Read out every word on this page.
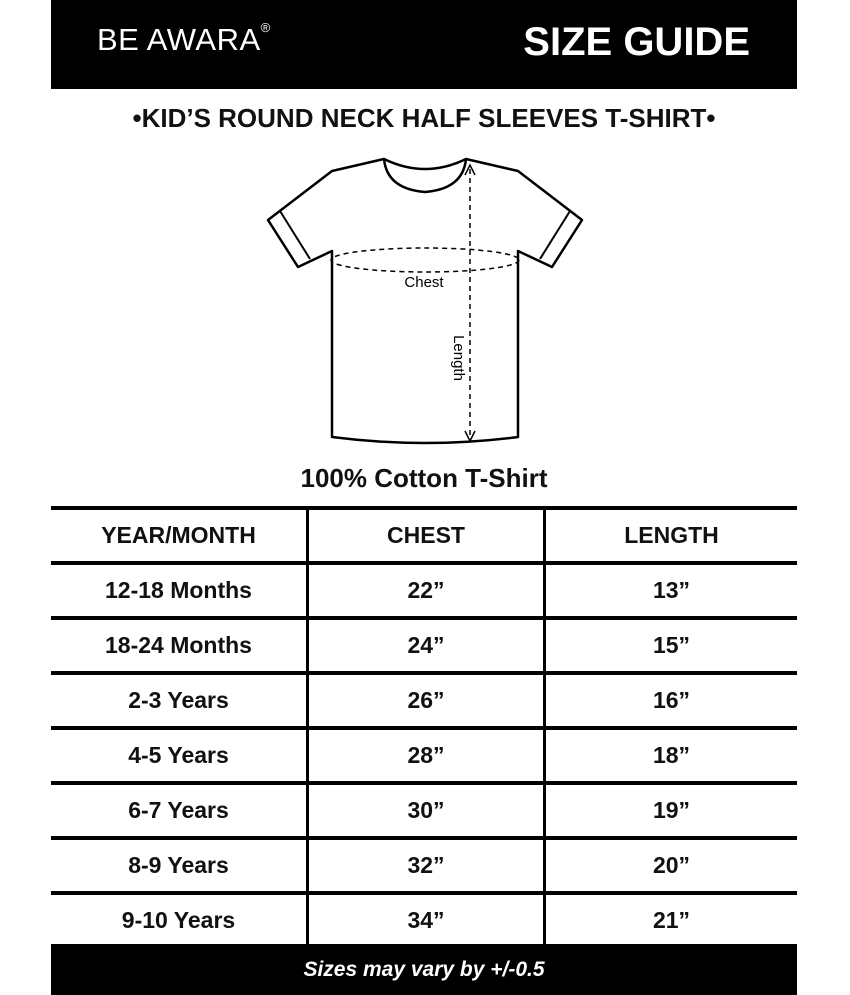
BE AWARA®	SIZE GUIDE
•KID’S ROUND NECK HALF SLEEVES T-SHIRT•
Chest
Length
100% Cotton T-Shirt
YEAR/MONTH	CHEST	LENGTH
12-18 Months	22”	13”
18-24 Months	24”	15”
2-3 Years	26”	16”
4-5 Years	28”	18”
6-7 Years	30”	19”
8-9 Years	32”	20”
9-10 Years	34”	21”
Sizes may vary by +/-0.5
